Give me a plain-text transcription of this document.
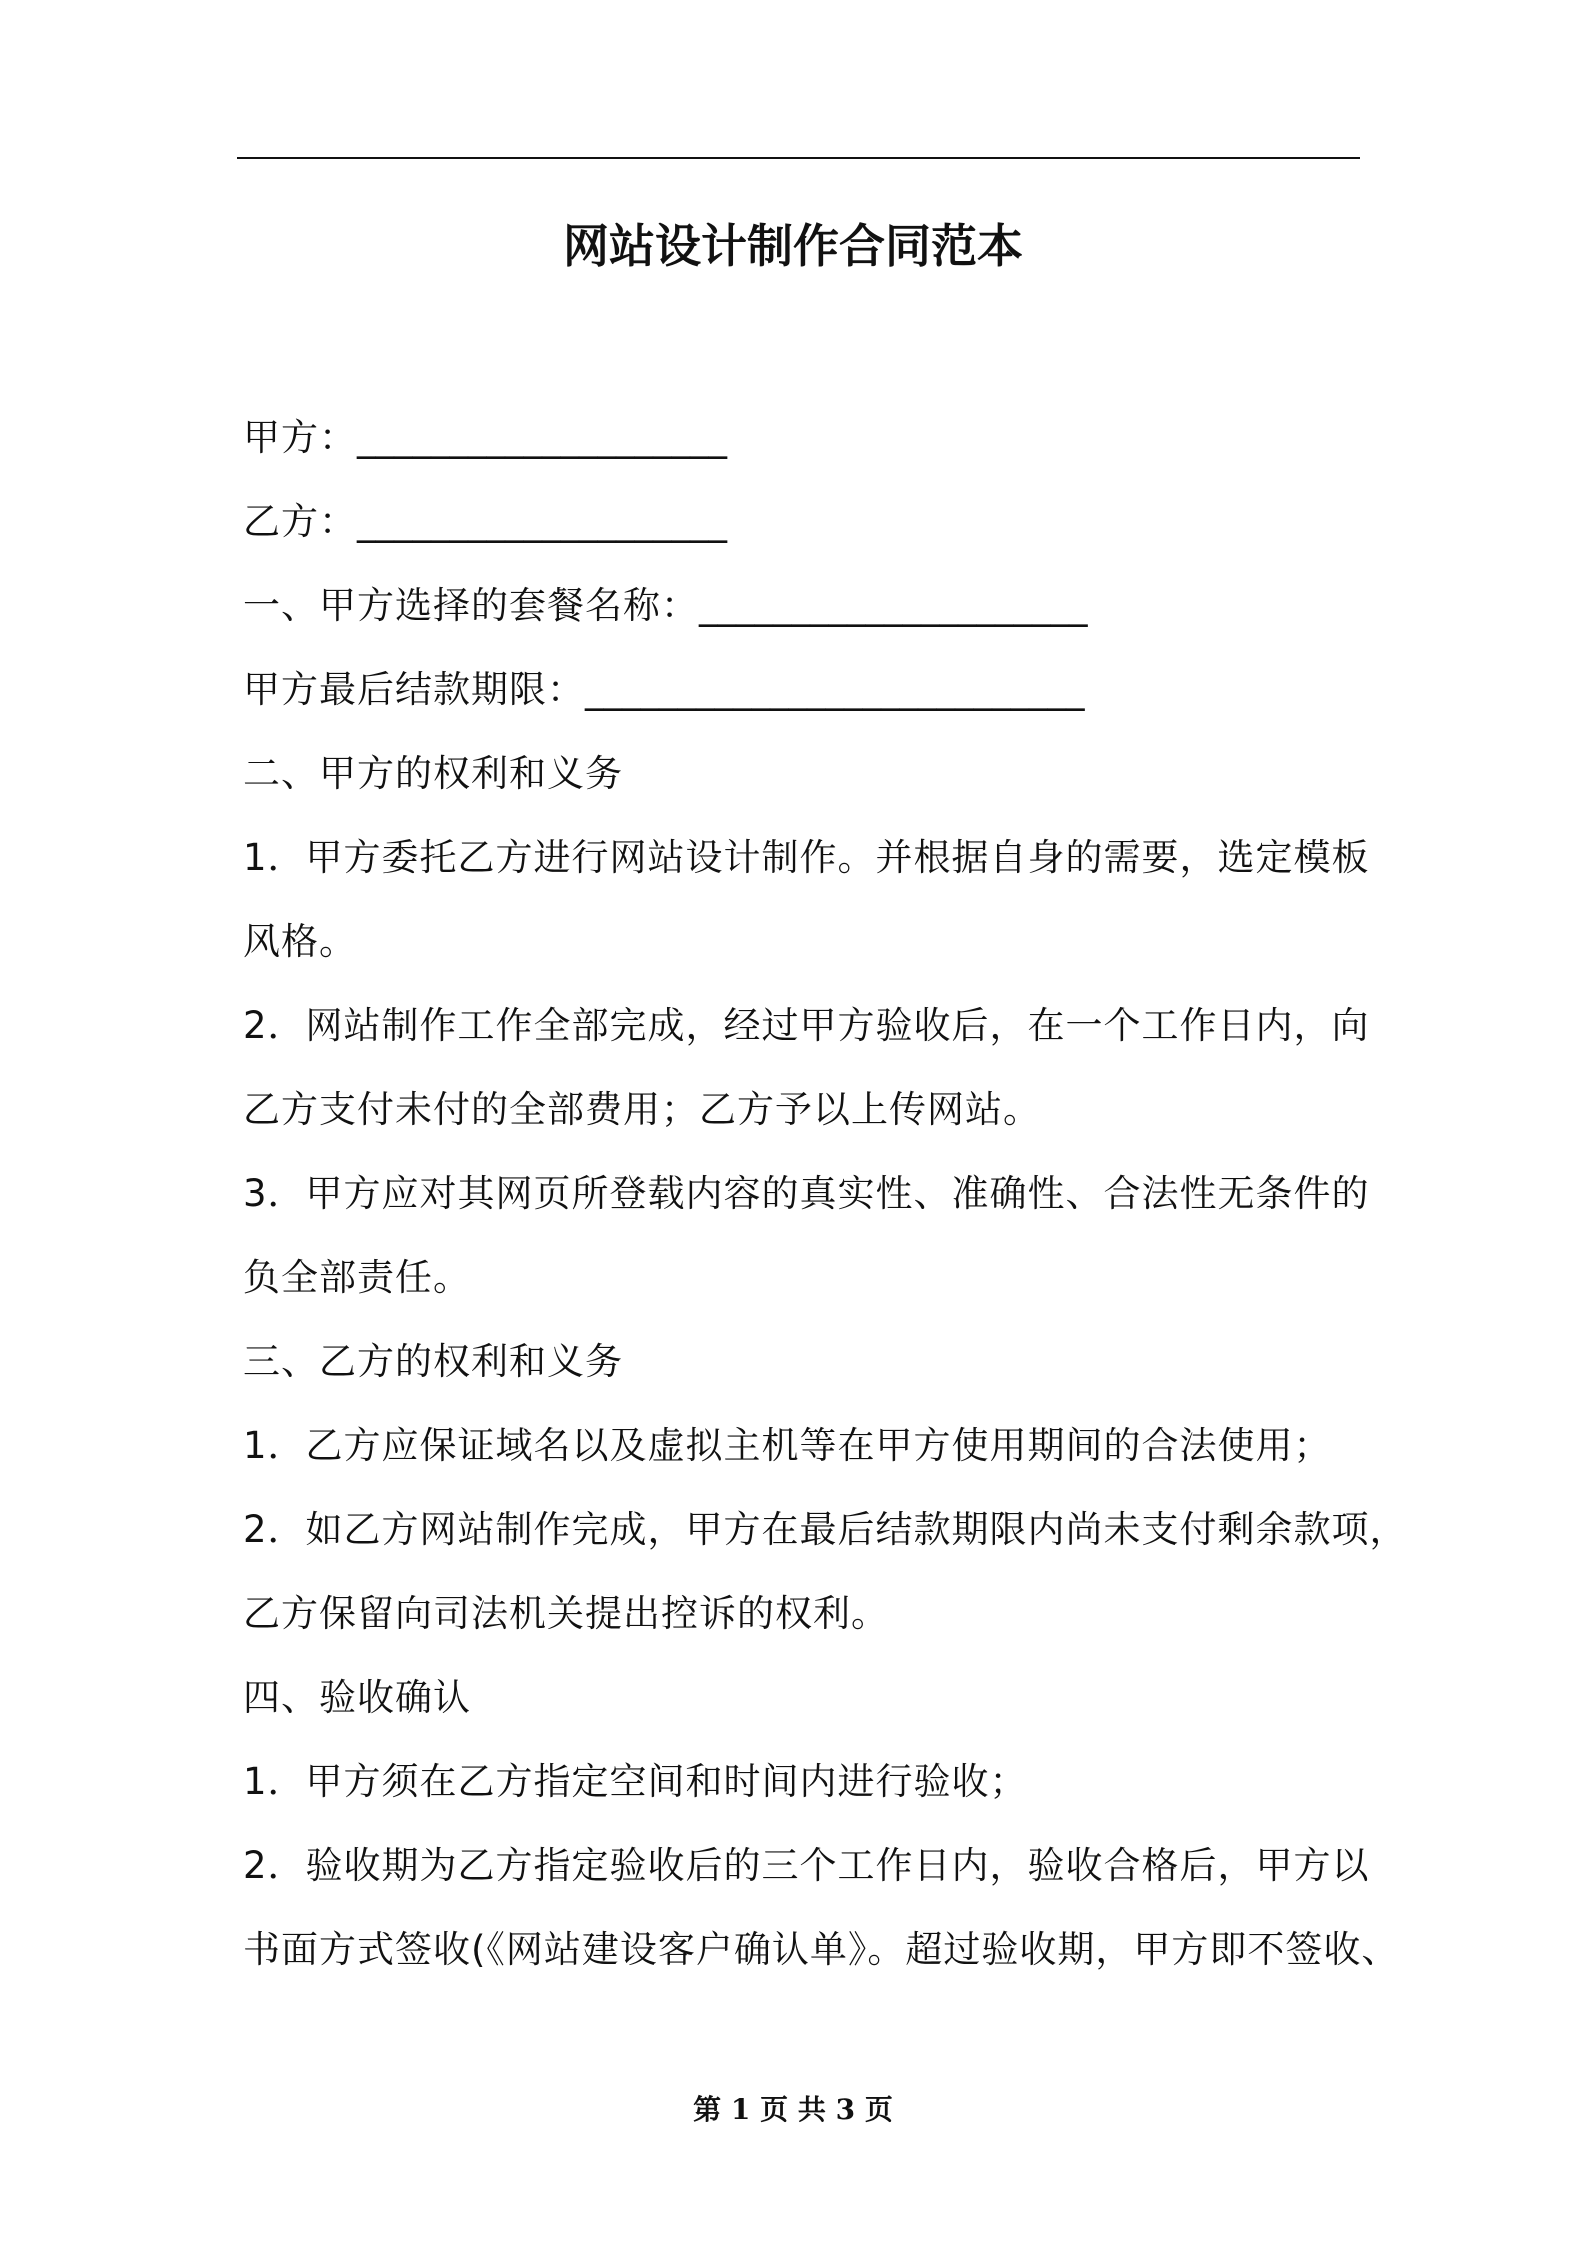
网站设计制作合同范本

甲方：____________________

乙方：____________________

一、甲方选择的套餐名称：_____________________

甲方最后结款期限：___________________________

二、甲方的权利和义务

1．甲方委托乙方进行网站设计制作。并根据自身的需要，选定模板

风格。

2．网站制作工作全部完成，经过甲方验收后，在一个工作日内，向

乙方支付未付的全部费用；乙方予以上传网站。

3．甲方应对其网页所登载内容的真实性、准确性、合法性无条件的

负全部责任。

三、乙方的权利和义务

1．乙方应保证域名以及虚拟主机等在甲方使用期间的合法使用；

2．如乙方网站制作完成，甲方在最后结款期限内尚未支付剩余款项，

乙方保留向司法机关提出控诉的权利。

四、验收确认

1．甲方须在乙方指定空间和时间内进行验收；

2．验收期为乙方指定验收后的三个工作日内，验收合格后，甲方以

书面方式签收(《网站建设客户确认单》。超过验收期，甲方即不签收、

第 1 页 共 3 页
